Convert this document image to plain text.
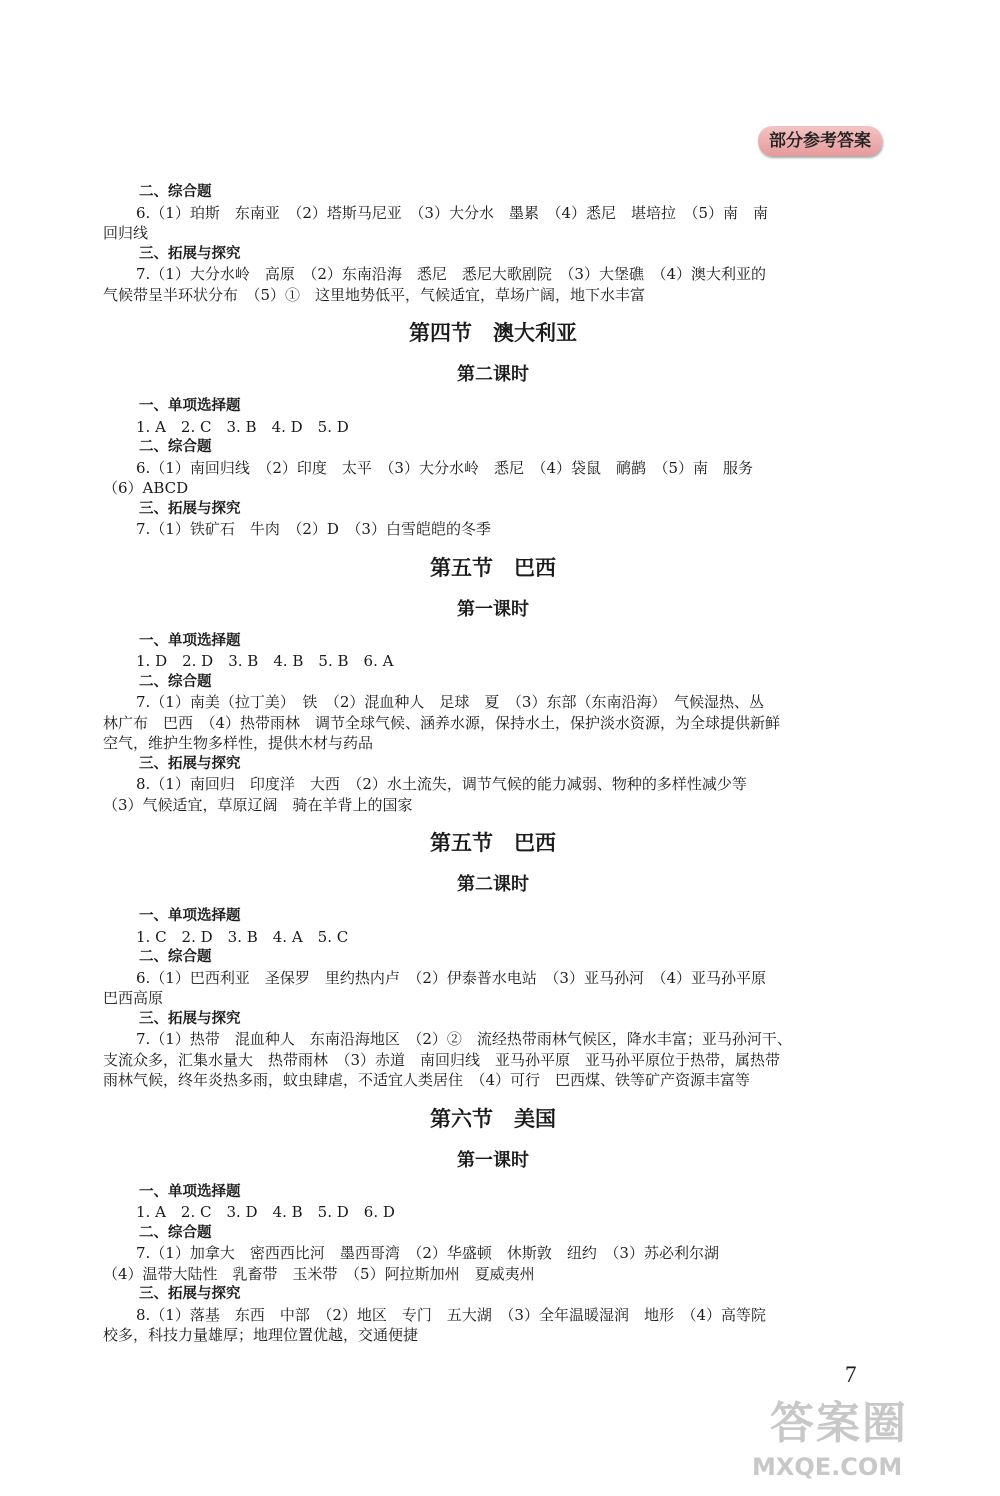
部分参考答案
二、综合题
6.（1）珀斯　东南亚　（2）塔斯马尼亚　（3）大分水　墨累　（4）悉尼　堪培拉　（5）南　南
回归线
三、拓展与探究
7.（1）大分水岭　高原　（2）东南沿海　悉尼　悉尼大歌剧院　（3）大堡礁　（4）澳大利亚的
气候带呈半环状分布　（5）①　这里地势低平，气候适宜，草场广阔，地下水丰富
第四节　澳大利亚
第二课时
一、单项选择题
1. A　2. C　3. B　4. D　5. D
二、综合题
6.（1）南回归线　（2）印度　太平　（3）大分水岭　悉尼　（4）袋鼠　鸸鹋　（5）南　服务
（6）ABCD
三、拓展与探究
7.（1）铁矿石　牛肉　（2）D　（3）白雪皑皑的冬季
第五节　巴西
第一课时
一、单项选择题
1. D　2. D　3. B　4. B　5. B　6. A
二、综合题
7.（1）南美（拉丁美）　铁　（2）混血种人　足球　夏　（3）东部（东南沿海）　气候湿热、丛
林广布　巴西　（4）热带雨林　调节全球气候、涵养水源，保持水土，保护淡水资源，为全球提供新鲜
空气，维护生物多样性，提供木材与药品
三、拓展与探究
8.（1）南回归　印度洋　大西　（2）水土流失，调节气候的能力减弱、物种的多样性减少等
（3）气候适宜，草原辽阔　骑在羊背上的国家
第五节　巴西
第二课时
一、单项选择题
1. C　2. D　3. B　4. A　5. C
二、综合题
6.（1）巴西利亚　圣保罗　里约热内卢　（2）伊泰普水电站　（3）亚马孙河　（4）亚马孙平原
巴西高原
三、拓展与探究
7.（1）热带　混血种人　东南沿海地区　（2）②　流经热带雨林气候区，降水丰富；亚马孙河干、
支流众多，汇集水量大　热带雨林　（3）赤道　南回归线　亚马孙平原　亚马孙平原位于热带，属热带
雨林气候，终年炎热多雨，蚊虫肆虐，不适宜人类居住　（4）可行　巴西煤、铁等矿产资源丰富等
第六节　美国
第一课时
一、单项选择题
1. A　2. C　3. D　4. B　5. D　6. D
二、综合题
7.（1）加拿大　密西西比河　墨西哥湾　（2）华盛顿　休斯敦　纽约　（3）苏必利尔湖
（4）温带大陆性　乳畜带　玉米带　（5）阿拉斯加州　夏威夷州
三、拓展与探究
8.（1）落基　东西　中部　（2）地区　专门　五大湖　（3）全年温暖湿润　地形　（4）高等院
校多，科技力量雄厚；地理位置优越，交通便捷
7
答案圈
MXQE.COM
